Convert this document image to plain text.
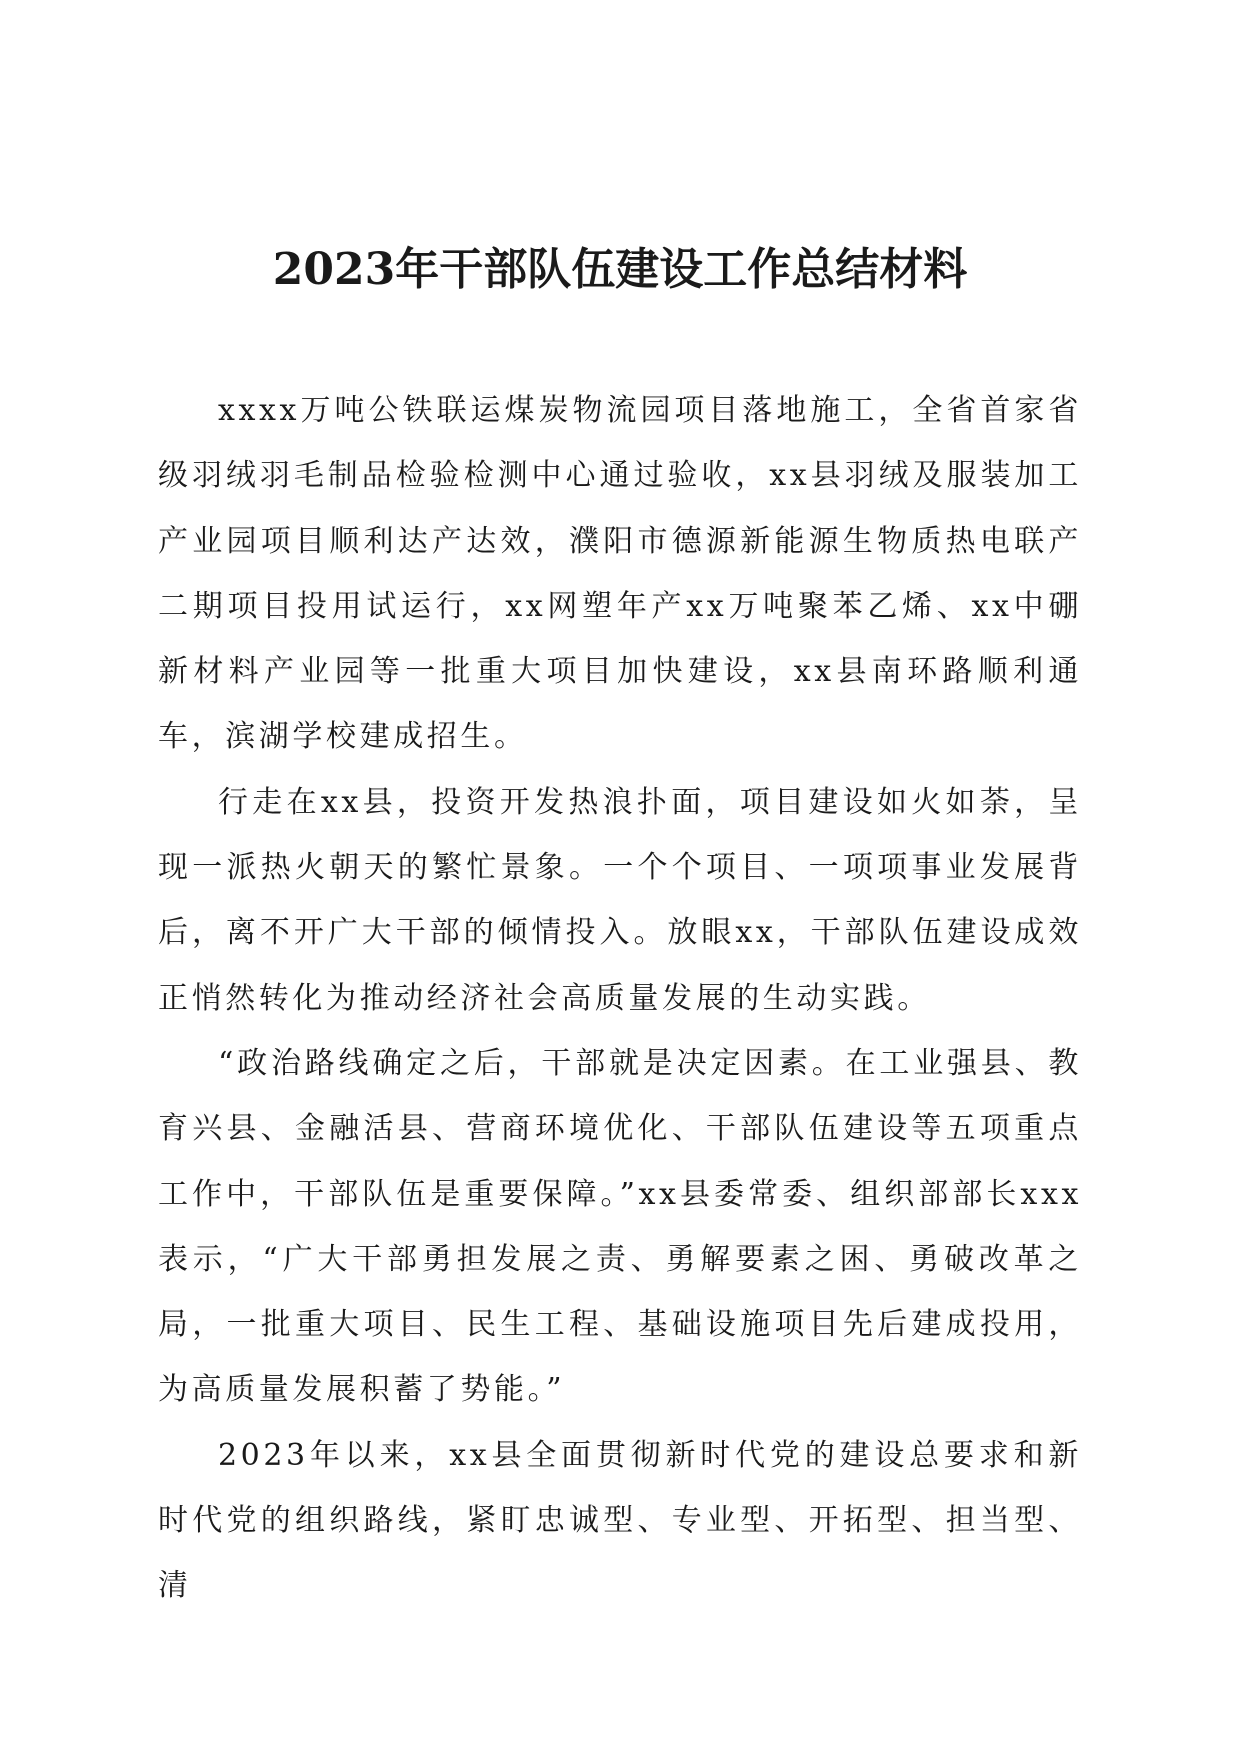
2023年干部队伍建设工作总结材料

xxxx万吨公铁联运煤炭物流园项目落地施工，全省首家省级羽绒羽毛制品检验检测中心通过验收，xx县羽绒及服装加工产业园项目顺利达产达效，濮阳市德源新能源生物质热电联产二期项目投用试运行，xx网塑年产xx万吨聚苯乙烯、xx中硼新材料产业园等一批重大项目加快建设，xx县南环路顺利通车，滨湖学校建成招生。

行走在xx县，投资开发热浪扑面，项目建设如火如荼，呈现一派热火朝天的繁忙景象。一个个项目、一项项事业发展背后，离不开广大干部的倾情投入。放眼xx，干部队伍建设成效正悄然转化为推动经济社会高质量发展的生动实践。

“政治路线确定之后，干部就是决定因素。在工业强县、教育兴县、金融活县、营商环境优化、干部队伍建设等五项重点工作中，干部队伍是重要保障。”xx县委常委、组织部部长xxx表示，“广大干部勇担发展之责、勇解要素之困、勇破改革之局，一批重大项目、民生工程、基础设施项目先后建成投用，为高质量发展积蓄了势能。”

2023年以来，xx县全面贯彻新时代党的建设总要求和新时代党的组织路线，紧盯忠诚型、专业型、开拓型、担当型、清
